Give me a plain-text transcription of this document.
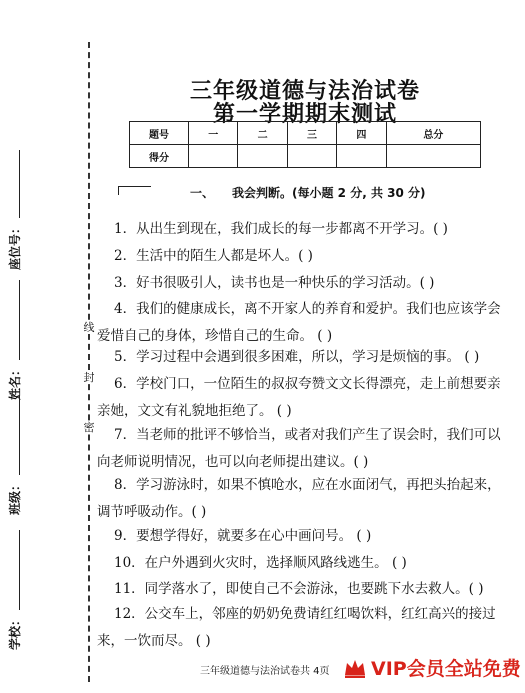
线
封
密
座位号：
姓名：
班级：
学校：
三年级道德与法治试卷
第一学期期末测试
题号	一	二	三	四	总分
得分					
一、 我会判断。(每小题 2 分, 共 30 分)
1．从出生到现在，我们成长的每一步都离不开学习。( )
2．生活中的陌生人都是坏人。( )
3．好书很吸引人，读书也是一种快乐的学习活动。( )
4．我们的健康成长，离不开家人的养育和爱护。我们也应该学会
爱惜自己的身体，珍惜自己的生命。 ( )
5．学习过程中会遇到很多困难，所以，学习是烦恼的事。 ( )
6．学校门口，一位陌生的叔叔夸赞文文长得漂亮，走上前想要亲
亲她，文文有礼貌地拒绝了。 ( )
7．当老师的批评不够恰当，或者对我们产生了误会时，我们可以
向老师说明情况，也可以向老师提出建议。( )
8．学习游泳时，如果不慎呛水，应在水面闭气，再把头抬起来，
调节呼吸动作。( )
9．要想学得好，就要多在心中画问号。 ( )
10．在户外遇到火灾时，选择顺风路线逃生。 ( )
11．同学落水了，即使自己不会游泳，也要跳下水去救人。( )
12．公交车上，邻座的奶奶免费请红红喝饮料，红红高兴的接过
来，一饮而尽。 ( )
三年级道德与法治试卷共 4页 VIP会员全站免费
